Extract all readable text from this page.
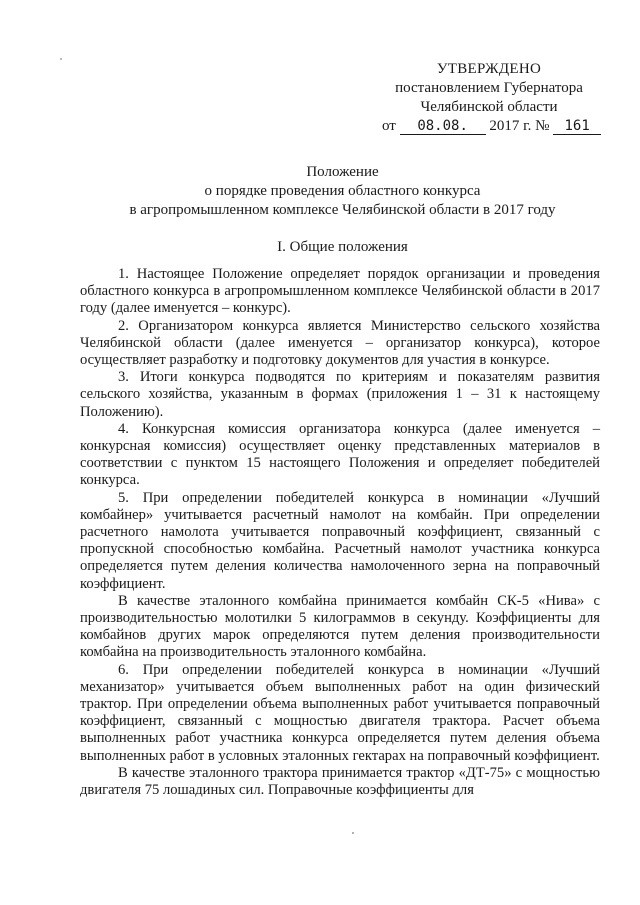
УТВЕРЖДЕНО
постановлением Губернатора
Челябинской области
от 08.08. 2017 г. № 161
Положение
о порядке проведения областного конкурса
в агропромышленном комплексе Челябинской области в 2017 году
I. Общие положения

1. Настоящее Положение определяет порядок организации и проведения областного конкурса в агропромышленном комплексе Челябинской области в 2017 году (далее именуется – конкурс).

2. Организатором конкурса является Министерство сельского хозяйства Челябинской области (далее именуется – организатор конкурса), которое осуществляет разработку и подготовку документов для участия в конкурсе.

3. Итоги конкурса подводятся по критериям и показателям развития сельского хозяйства, указанным в формах (приложения 1 – 31 к настоящему Положению).

4. Конкурсная комиссия организатора конкурса (далее именуется – конкурсная комиссия) осуществляет оценку представленных материалов в соответствии с пунктом 15 настоящего Положения и определяет победителей конкурса.

5. При определении победителей конкурса в номинации «Лучший комбайнер» учитывается расчетный намолот на комбайн. При определении расчетного намолота учитывается поправочный коэффициент, связанный с пропускной способностью комбайна. Расчетный намолот участника конкурса определяется путем деления количества намолоченного зерна на поправочный коэффициент.

В качестве эталонного комбайна принимается комбайн СК-5 «Нива» с производительностью молотилки 5 килограммов в секунду. Коэффициенты для комбайнов других марок определяются путем деления производительности комбайна на производительность эталонного комбайна.

6. При определении победителей конкурса в номинации «Лучший механизатор» учитывается объем выполненных работ на один физический трактор. При определении объема выполненных работ учитывается поправочный коэффициент, связанный с мощностью двигателя трактора. Расчет объема выполненных работ участника конкурса определяется путем деления объема выполненных работ в условных эталонных гектарах на поправочный коэффициент.

В качестве эталонного трактора принимается трактор «ДТ-75» с мощностью двигателя 75 лошадиных сил. Поправочные коэффициенты для
